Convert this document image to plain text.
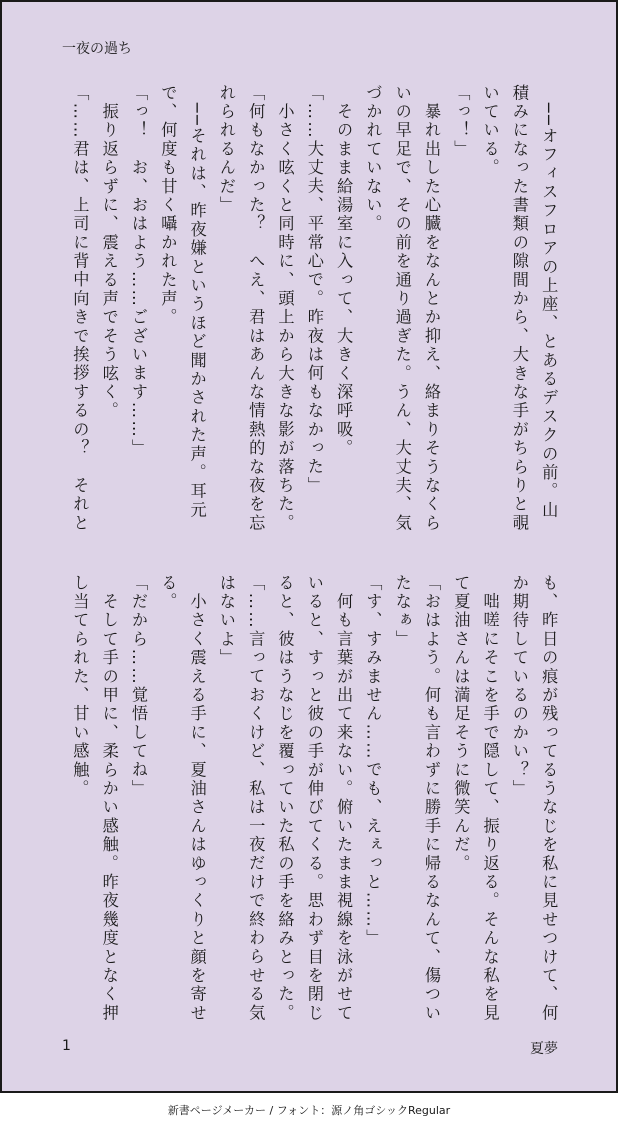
一夜の過ち
　──オフィスフロアの上座、とあるデスクの前。山
積みになった書類の隙間から、大きな手がちらりと覗
いている。
「っ！」
　暴れ出した心臓をなんとか抑え、絡まりそうなくら
いの早足で、その前を通り過ぎた。うん、大丈夫、気
づかれていない。
　そのまま給湯室に入って、大きく深呼吸。
「……大丈夫、平常心で。昨夜は何もなかった」
　小さく呟くと同時に、頭上から大きな影が落ちた。
「何もなかった？　へえ、君はあんな情熱的な夜を忘
れられるんだ」
　──それは、昨夜嫌というほど聞かされた声。耳元
で、何度も甘く囁かれた声。
「っ！　お、おはよう……ございます……」
　振り返らずに、震える声でそう呟く。
「……君は、上司に背中向きで挨拶するの？　それと
も、昨日の痕が残ってるうなじを私に見せつけて、何
か期待しているのかい？」
　咄嗟にそこを手で隠して、振り返る。そんな私を見
て夏油さんは満足そうに微笑んだ。
「おはよう。何も言わずに勝手に帰るなんて、傷つい
たなぁ」
「す、すみません……でも、えぇっと……」
　何も言葉が出て来ない。俯いたまま視線を泳がせて
いると、すっと彼の手が伸びてくる。思わず目を閉じ
ると、彼はうなじを覆っていた私の手を絡みとった。
「……言っておくけど、私は一夜だけで終わらせる気
はないよ」
　小さく震える手に、夏油さんはゆっくりと顔を寄せ
る。
「だから……覚悟してね」
　そして手の甲に、柔らかい感触。昨夜幾度となく押
し当てられた、甘い感触。
1	夏夢
新書ページメーカー / フォント：源ノ角ゴシックRegular
